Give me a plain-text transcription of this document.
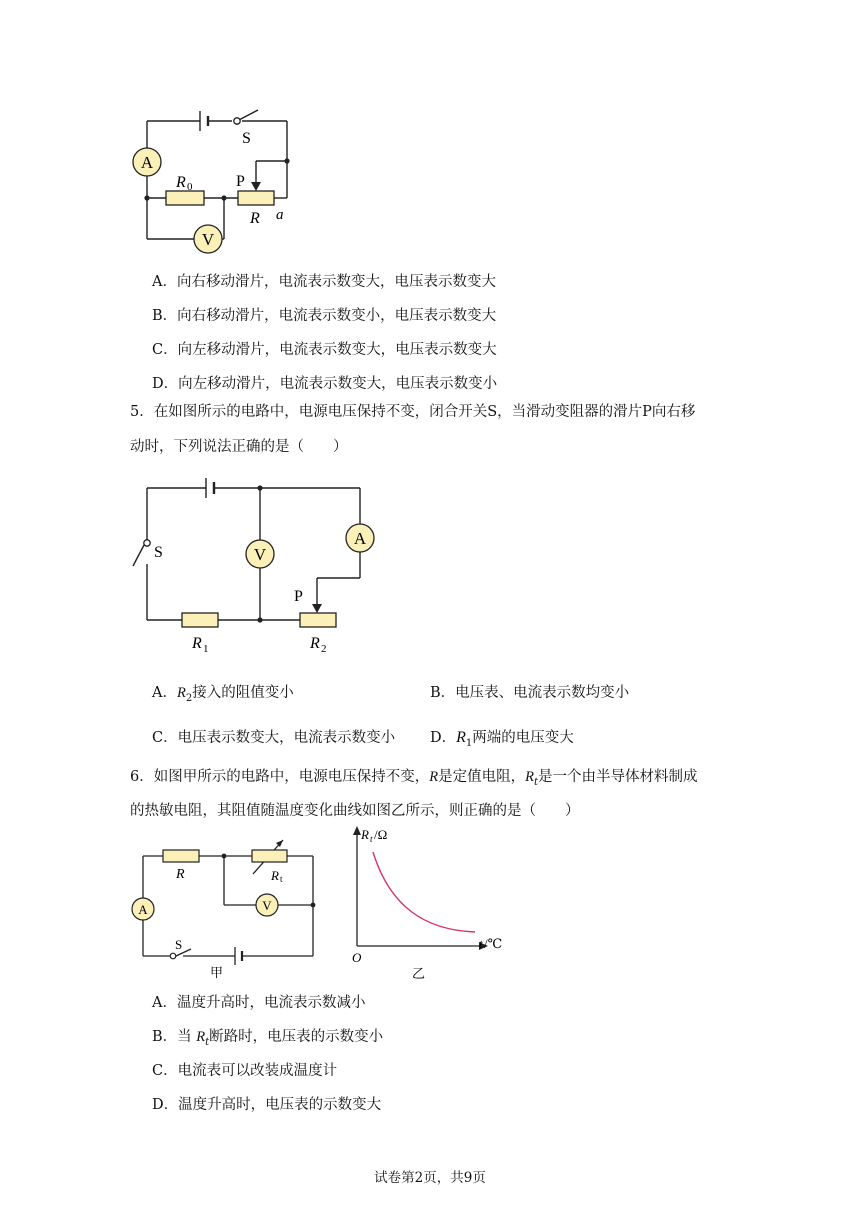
A
V
S
R 0	P
R a
A．向右移动滑片，电流表示数变大，电压表示数变大
B．向右移动滑片，电流表示数变小，电压表示数变大
C．向左移动滑片，电流表示数变大，电压表示数变大
D．向左移动滑片，电流表示数变大，电压表示数变小
5．在如图所示的电路中，电源电压保持不变，闭合开关S，当滑动变阻器的滑片P向右移
动时，下列说法正确的是（　　）
V
A
S
P
R 1	R 2
A．$R_2$接入的阻值变小	B．电压表、电流表示数均变小
C．电压表示数变大，电流表示数变小 D．$R_1$两端的电压变大
6．如图甲所示的电路中，电源电压保持不变，R是定值电阻，$R_t$是一个由半导体材料制成
的热敏电阻，其阻值随温度变化曲线如图乙所示，则正确的是（　　）
V
A
R	R t
S
甲
R t /Ω
t /℃
O
乙
A．温度升高时，电流表示数减小
B．当 $R_t$断路时，电压表的示数变小
C．电流表可以改装成温度计
D．温度升高时，电压表的示数变大
试卷第2页，共9页
